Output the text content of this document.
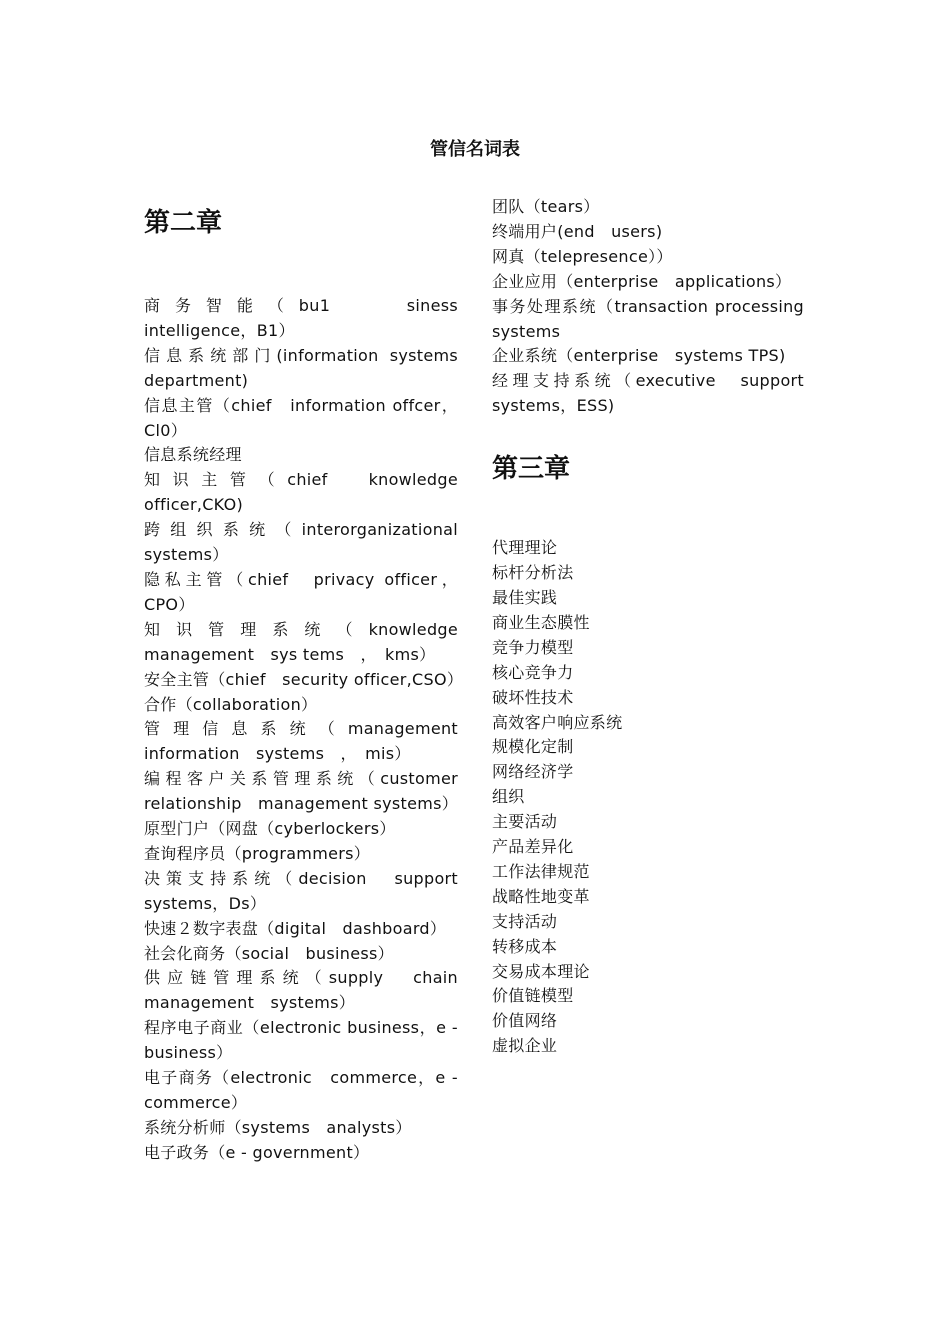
管信名词表
第二章
商务智能（bu1　　siness intelligence，B1）
信息系统部门(information systems department)
信息主管（chief　information offcer，Cl0）
信息系统经理
知识主管（chief　knowledge officer,CKO)
跨组织系统（interorganizational systems）
隐私主管（chief　privacy officer，CPO）
知识管理系统（knowledge management　sys tems　，　kms）
安全主管（chief　security officer,CSO）
合作（collaboration）
管理信息系统（management information　systems　，　mis）
编程客户关系管理系统（customer relationship　management systems）
原型门户（网盘（cyberlockers）
查询程序员（programmers）
决策支持系统（decision　support systems，Ds）
快速２数字表盘（digital　dashboard）
社会化商务（social　business）
供应链管理系统（supply　chain management　systems）
程序电子商业（electronic business，e -　business）
电子商务（electronic　commerce，e -　commerce）
系统分析师（systems　analysts）
电子政务（e - government）
团队（tears）
终端用户(end　users)
网真（telepresence））
企业应用（enterprise　applications）
事务处理系统（transaction processing　systems
企业系统（enterprise　systems TPS)
经理支持系统（executive　support systems，ESS)
第三章
代理理论
标杆分析法
最佳实践
商业生态膜性
竞争力模型
核心竞争力
破坏性技术
高效客户响应系统
规模化定制
网络经济学
组织
主要活动
产品差异化
工作法律规范
战略性地变革
支持活动
转移成本
交易成本理论
价值链模型
价值网络
虚拟企业
